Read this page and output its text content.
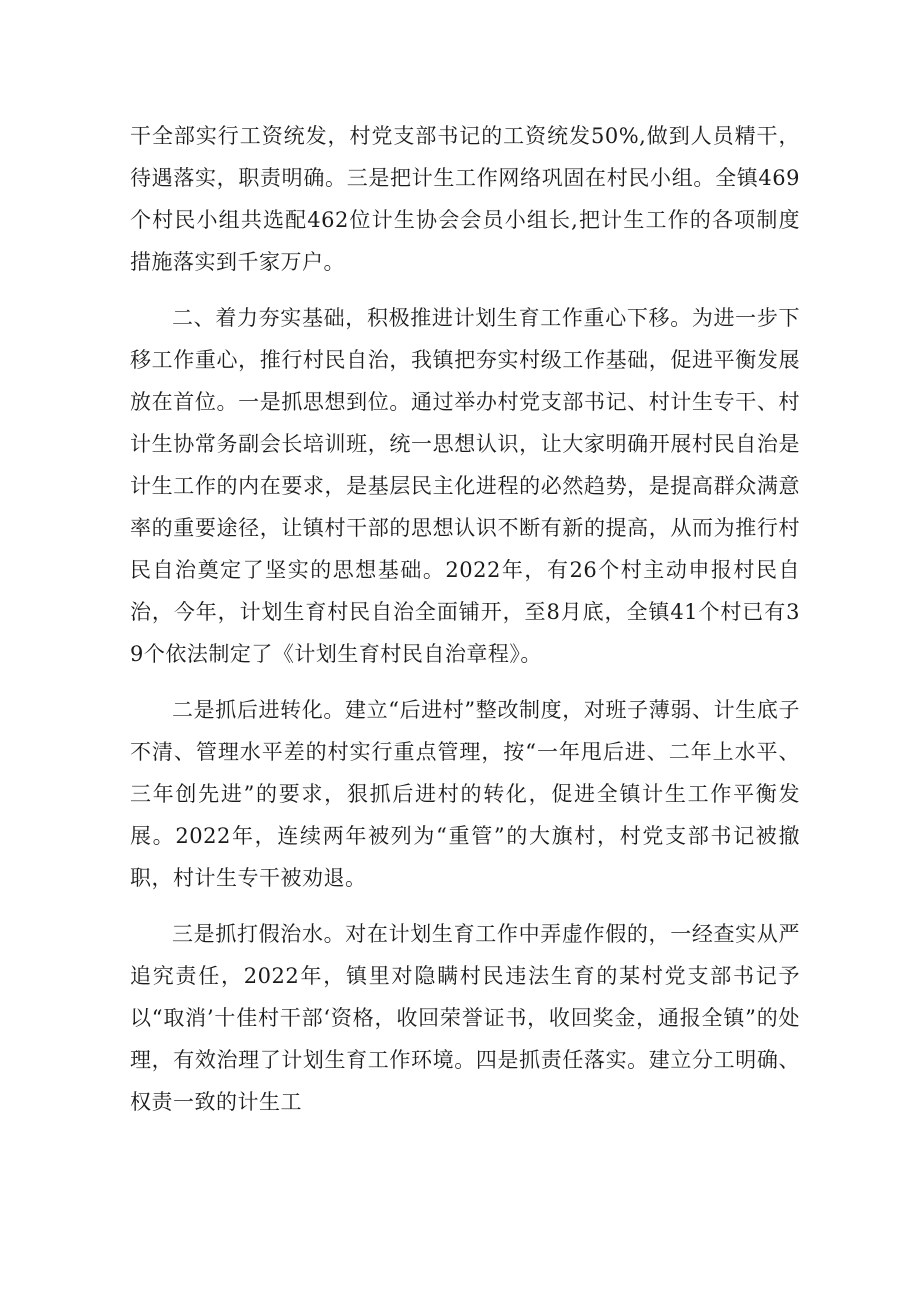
干全部实行工资统发，村党支部书记的工资统发50%,做到人员精干，待遇落实，职责明确。三是把计生工作网络巩固在村民小组。全镇469个村民小组共选配462位计生协会会员小组长,把计生工作的各项制度措施落实到千家万户。

二、着力夯实基础，积极推进计划生育工作重心下移。为进一步下移工作重心，推行村民自治，我镇把夯实村级工作基础，促进平衡发展放在首位。一是抓思想到位。通过举办村党支部书记、村计生专干、村计生协常务副会长培训班，统一思想认识，让大家明确开展村民自治是计生工作的内在要求，是基层民主化进程的必然趋势，是提高群众满意率的重要途径，让镇村干部的思想认识不断有新的提高，从而为推行村民自治奠定了坚实的思想基础。2022年，有26个村主动申报村民自治，今年，计划生育村民自治全面铺开，至8月底，全镇41个村已有39个依法制定了《计划生育村民自治章程》。

二是抓后进转化。建立“后进村”整改制度，对班子薄弱、计生底子不清、管理水平差的村实行重点管理，按“一年甩后进、二年上水平、三年创先进”的要求，狠抓后进村的转化，促进全镇计生工作平衡发展。2022年，连续两年被列为“重管”的大旗村，村党支部书记被撤职，村计生专干被劝退。

三是抓打假治水。对在计划生育工作中弄虚作假的，一经查实从严追究责任，2022年，镇里对隐瞒村民违法生育的某村党支部书记予以“取消’十佳村干部‘资格，收回荣誉证书，收回奖金，通报全镇”的处理，有效治理了计划生育工作环境。四是抓责任落实。建立分工明确、权责一致的计生工
